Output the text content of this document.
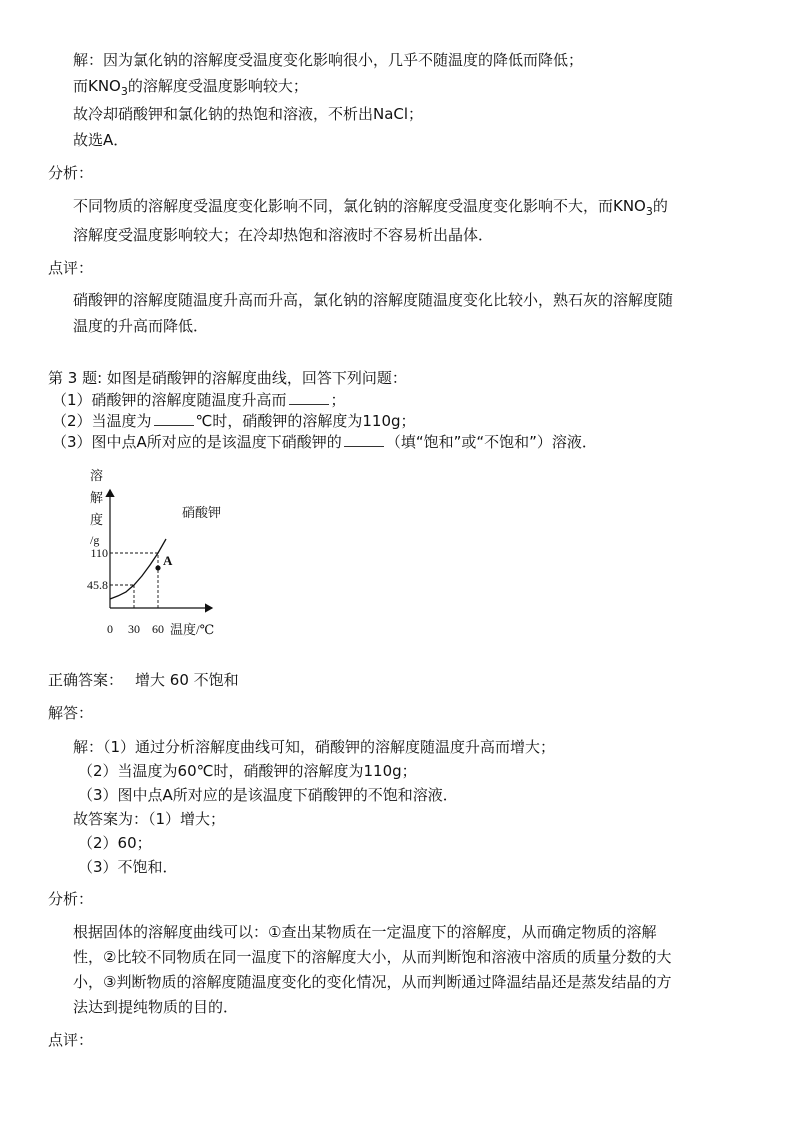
解：因为氯化钠的溶解度受温度变化影响很小，几乎不随温度的降低而降低；
而$KNO_3$的溶解度受温度影响较大；
故冷却硝酸钾和氯化钠的热饱和溶液，不析出NaCl；
故选A．
分析：
不同物质的溶解度受温度变化影响不同，氯化钠的溶解度受温度变化影响不大，而$KNO_3$的
溶解度受温度影响较大；在冷却热饱和溶液时不容易析出晶体．
点评：
硝酸钾的溶解度随温度升高而升高，氯化钠的溶解度随温度变化比较小，熟石灰的溶解度随
温度的升高而降低．
第 3 题: 如图是硝酸钾的溶解度曲线，回答下列问题：
（1）硝酸钾的溶解度随温度升高而	；
（2）当温度为	℃时，硝酸钾的溶解度为110g；
（3）图中点A所对应的是该温度下硝酸钾的	（填“饱和”或“不饱和”）溶液．
溶
解
度
/g
硝酸钾
A
45.8
110
0 30 60 温度/℃
正确答案： 增大 60 不饱和
解答：
解：（1）通过分析溶解度曲线可知，硝酸钾的溶解度随温度升高而增大；
（2）当温度为60℃时，硝酸钾的溶解度为110g；
（3）图中点A所对应的是该温度下硝酸钾的不饱和溶液．
故答案为：（1）增大；
（2）60；
（3）不饱和．
分析：
根据固体的溶解度曲线可以：①查出某物质在一定温度下的溶解度，从而确定物质的溶解
性，②比较不同物质在同一温度下的溶解度大小，从而判断饱和溶液中溶质的质量分数的大
小，③判断物质的溶解度随温度变化的变化情况，从而判断通过降温结晶还是蒸发结晶的方
法达到提纯物质的目的．
点评：
